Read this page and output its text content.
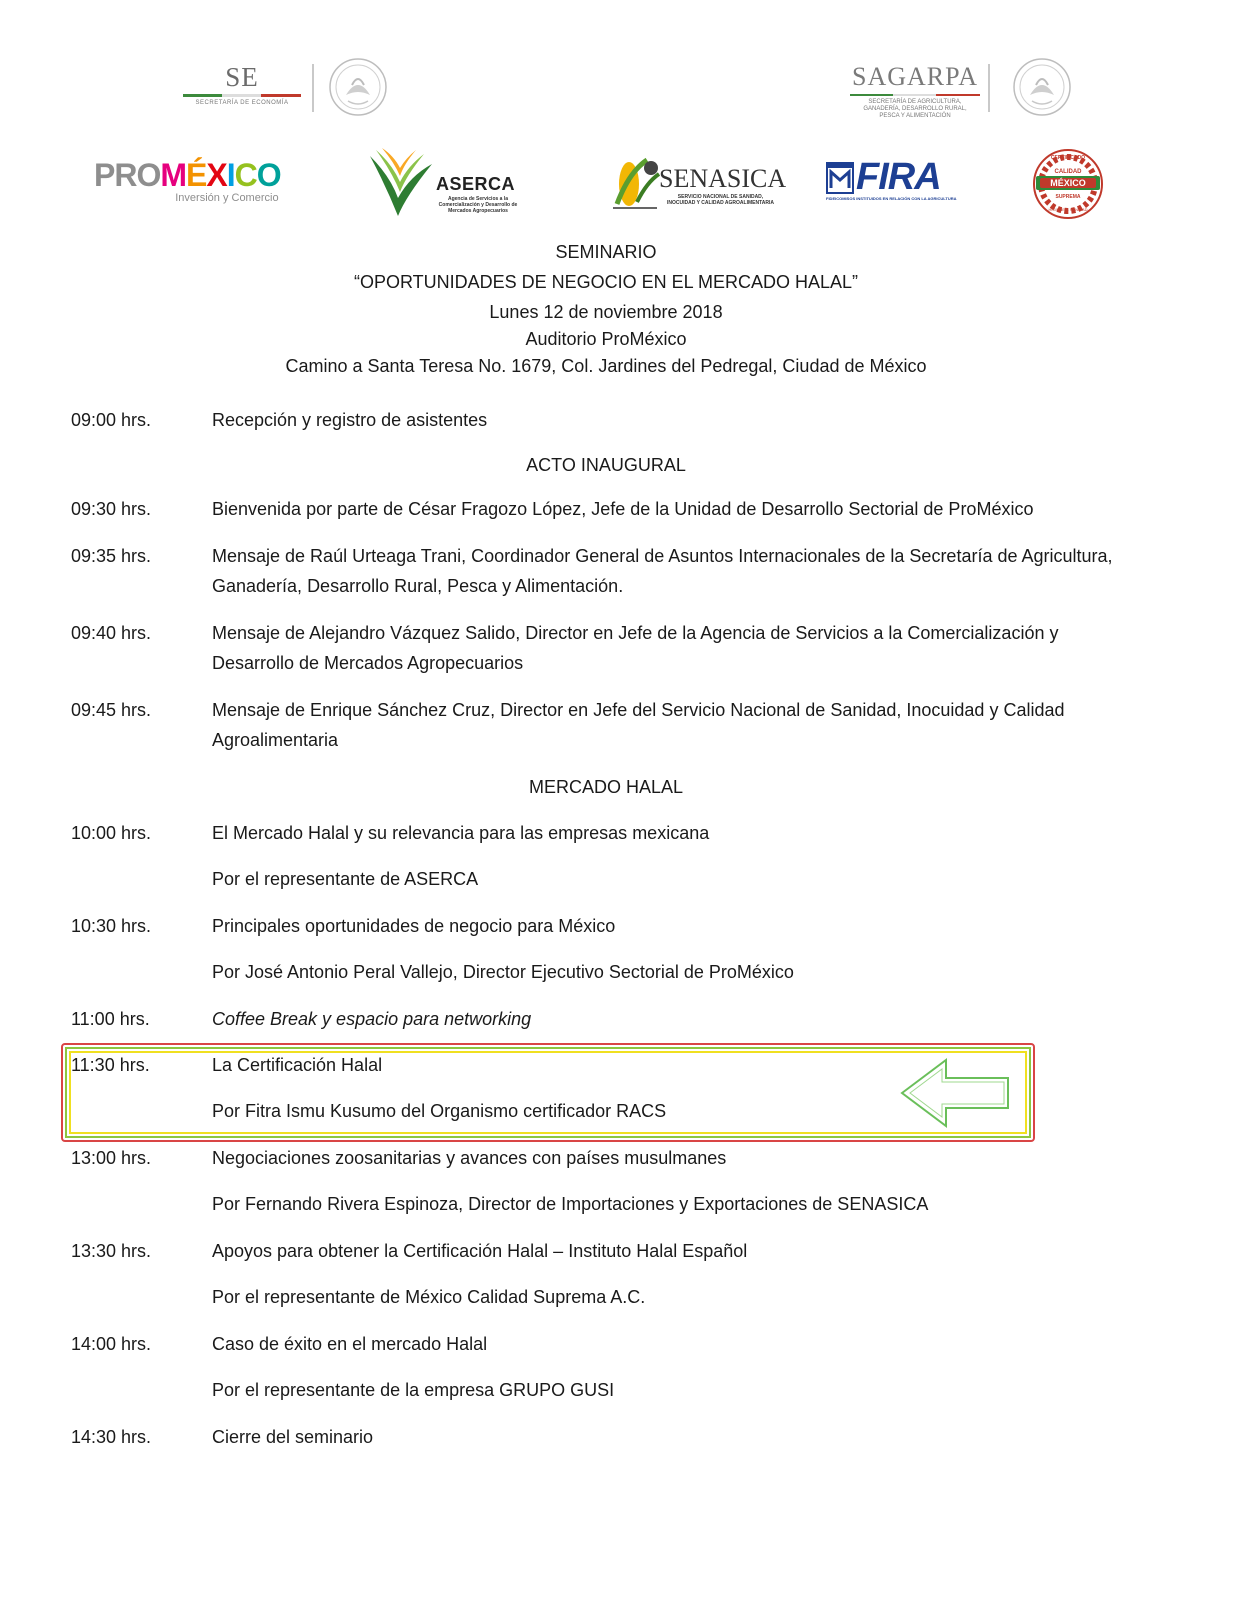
SE
SECRETARÍA DE ECONOMÍA
SAGARPA
SECRETARÍA DE AGRICULTURA,
GANADERÍA, DESARROLLO RURAL,
PESCA Y ALIMENTACIÓN
PROMÉXICO
Inversión y Comercio
ASERCA
Agencia de Servicios a la Comercialización y Desarrollo de Mercados Agropecuarios
SENASICA
SERVICIO NACIONAL DE SANIDAD, INOCUIDAD Y CALIDAD AGROALIMENTARIA
FIRA
FIDEICOMISOS INSTITUIDOS EN RELACIÓN CON LA AGRICULTURA
CERTIFICADO
CALIDAD
MÉXICO
SUPREMA
HIGIENE & SANIDAD
SEMINARIO
“OPORTUNIDADES DE NEGOCIO EN EL MERCADO HALAL”
Lunes 12 de noviembre 2018
Auditorio ProMéxico
Camino a Santa Teresa No. 1679, Col. Jardines del Pedregal, Ciudad de México
09:00 hrs.	Recepción y registro de asistentes
ACTO INAUGURAL
09:30 hrs.	Bienvenida por parte de César Fragozo López, Jefe de la Unidad de Desarrollo Sectorial de ProMéxico
09:35 hrs.	Mensaje de Raúl Urteaga Trani, Coordinador General de Asuntos Internacionales de la Secretaría de Agricultura, Ganadería, Desarrollo Rural, Pesca y Alimentación.
09:40 hrs.	Mensaje de Alejandro Vázquez Salido, Director en Jefe de la Agencia de Servicios a la Comercialización y Desarrollo de Mercados Agropecuarios
09:45 hrs.	Mensaje de Enrique Sánchez Cruz, Director en Jefe del Servicio Nacional de Sanidad, Inocuidad y Calidad Agroalimentaria
MERCADO HALAL
10:00 hrs.	El Mercado Halal y su relevancia para las empresas mexicana
Por el representante de ASERCA
10:30 hrs.	Principales oportunidades de negocio para México
Por José Antonio Peral Vallejo, Director Ejecutivo Sectorial de ProMéxico
11:00 hrs.	Coffee Break y espacio para networking
11:30 hrs.	La Certificación Halal
Por Fitra Ismu Kusumo del Organismo certificador RACS
13:00 hrs.	Negociaciones zoosanitarias y avances con países musulmanes
Por Fernando Rivera Espinoza, Director de Importaciones y Exportaciones de SENASICA
13:30 hrs.	Apoyos para obtener la Certificación Halal – Instituto Halal Español
Por el representante de México Calidad Suprema A.C.
14:00 hrs.	Caso de éxito en el mercado Halal
Por el representante de la empresa GRUPO GUSI
14:30 hrs.	Cierre del seminario
